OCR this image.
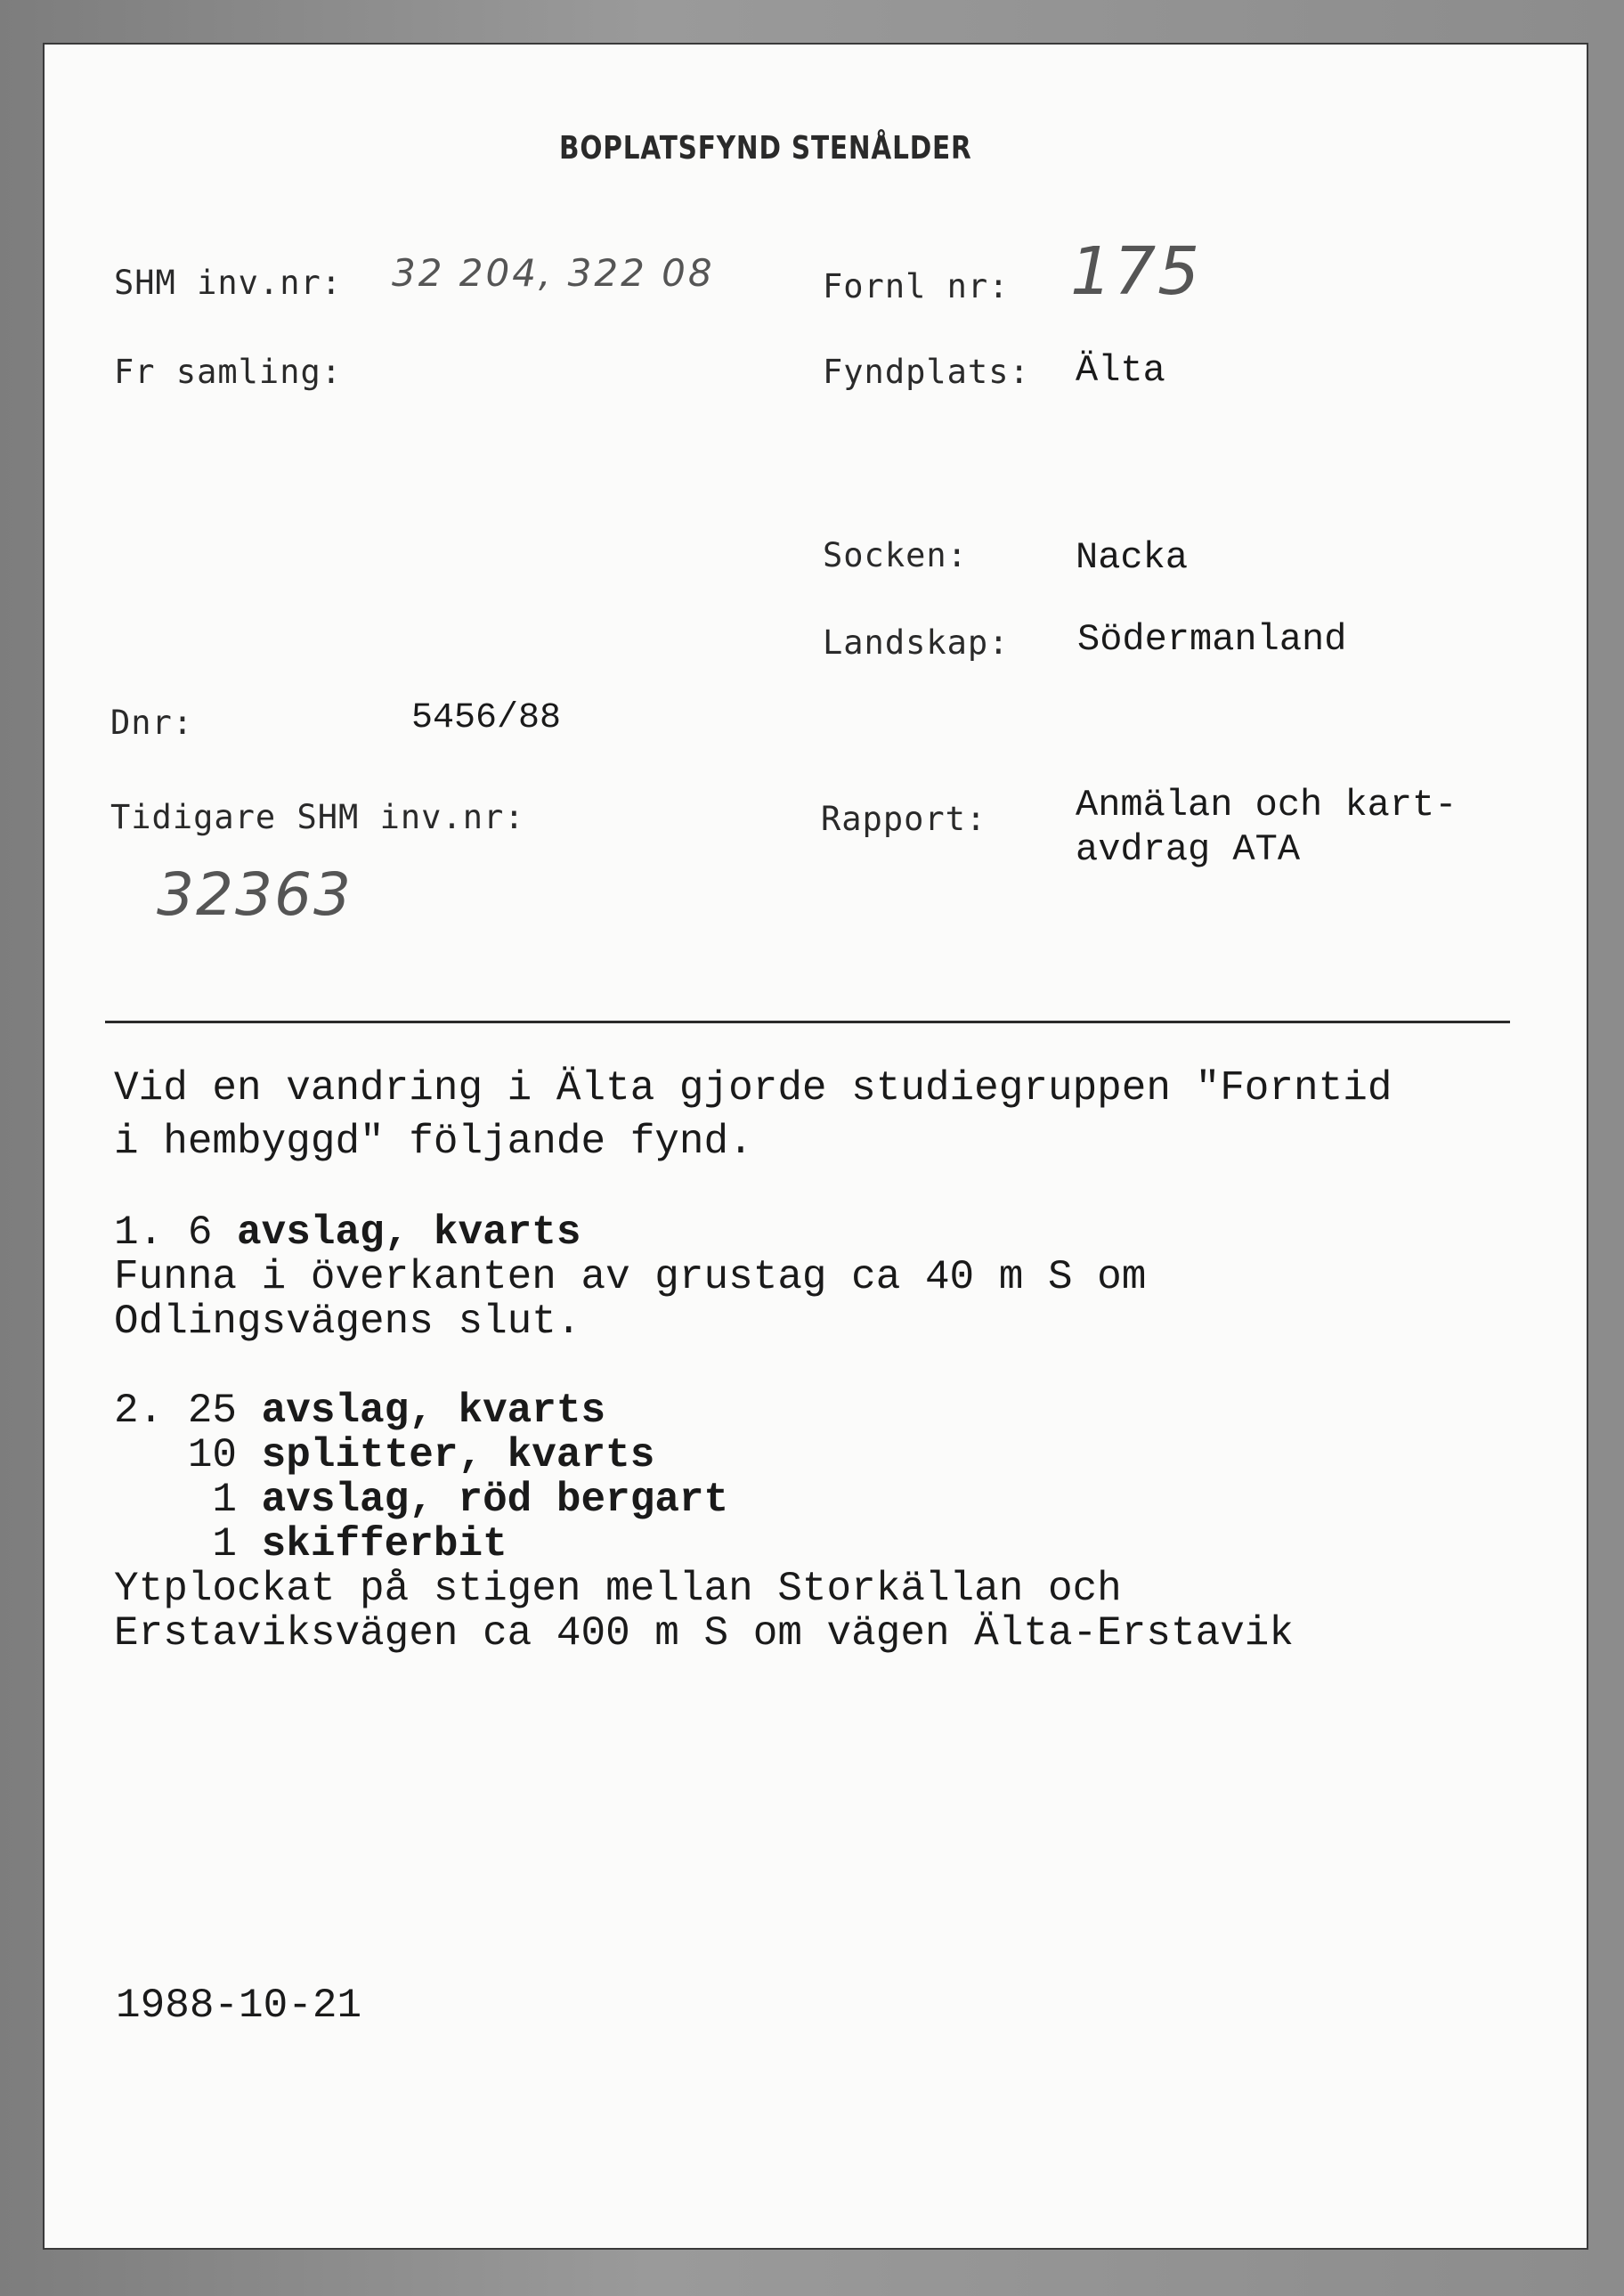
BOPLATSFYND STENÅLDER
SHM inv.nr: 32 204, 322 08
Fr samling:
Dnr:	5456/88
Tidigare SHM inv.nr:
32363
Fornl nr: 175
Fyndplats: Älta
Socken:	Nacka
Landskap: Södermanland
Rapport: Anmälan och kart-
avdrag ATA
Vid en vandring i Älta gjorde studiegruppen "Forntid
i hembyggd" följande fynd.
1. 6 avslag, kvarts
Funna i överkanten av grustag ca 40 m S om
Odlingsvägens slut.
2. 25 avslag, kvarts
10 splitter, kvarts
1 avslag, röd bergart
1 skifferbit
Ytplockat på stigen mellan Storkällan och
Erstaviksvägen ca 400 m S om vägen Älta-Erstavik
1988-10-21
